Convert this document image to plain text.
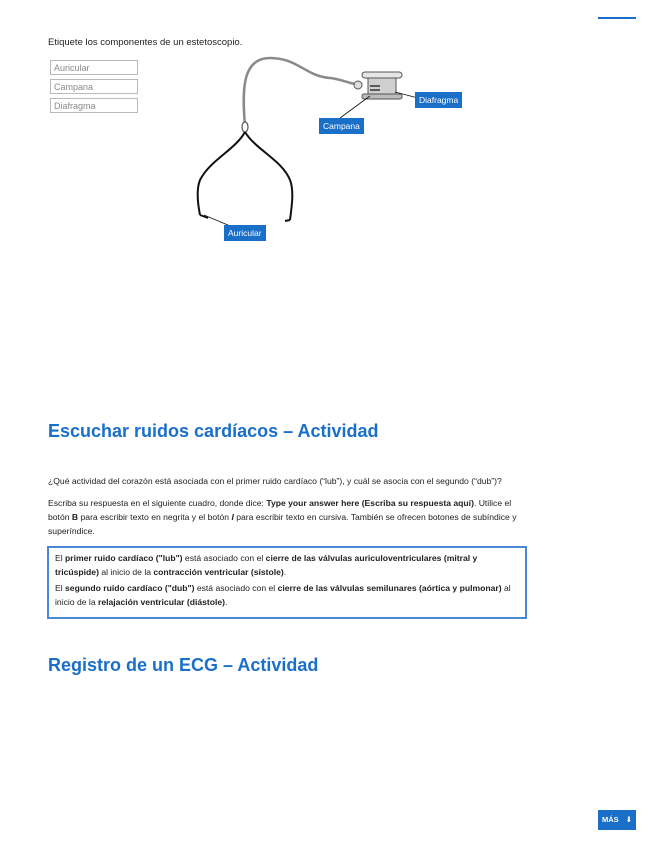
Etiquete los componentes de un estetoscopio.
Auricular
Campana
Diafragma
Diafragma
Campana
Auricular
Escuchar ruidos cardíacos – Actividad

¿Qué actividad del corazón está asociada con el primer ruido cardíaco (“lub”), y cuál se asocia con el segundo (“dub”)?

Escriba su respuesta en el siguiente cuadro, donde dice: Type your answer here (Escriba su respuesta aquí). Utilice el botón B para escribir texto en negrita y el botón I para escribir texto en cursiva. También se ofrecen botones de subíndice y superíndice.

El primer ruido cardíaco ("lub") está asociado con el cierre de las válvulas auriculoventriculares (mitral y tricúspide) al inicio de la contracción ventricular (sístole).

El segundo ruido cardíaco ("dub") está asociado con el cierre de las válvulas semilunares (aórtica y pulmonar) al inicio de la relajación ventricular (diástole).

Registro de un ECG – Actividad
MÁS ⬇
